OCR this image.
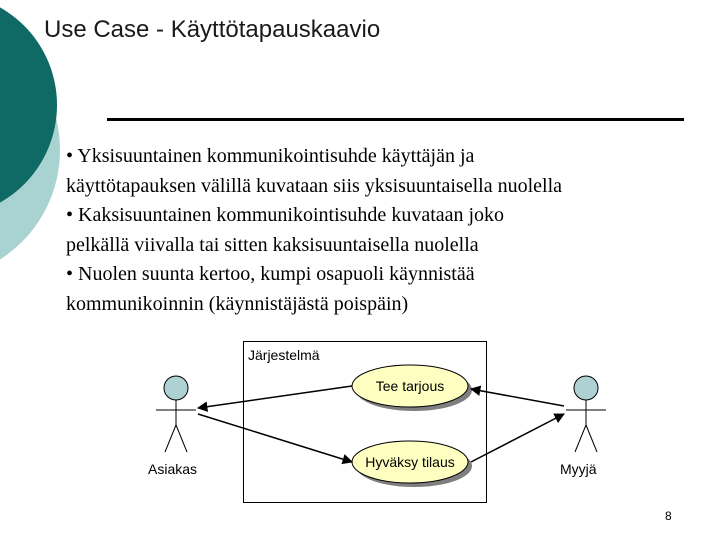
Use Case - Käyttötapauskaavio
• Yksisuuntainen kommunikointisuhde käyttäjän ja
käyttötapauksen välillä kuvataan siis yksisuuntaisella nuolella
• Kaksisuuntainen kommunikointisuhde kuvataan joko
pelkällä viivalla tai sitten kaksisuuntaisella nuolella
• Nuolen suunta kertoo, kumpi osapuoli käynnistää
kommunikoinnin (käynnistäjästä poispäin)
Järjestelmä
Tee tarjous
Hyväksy tilaus
Asiakas	Myyjä
8
